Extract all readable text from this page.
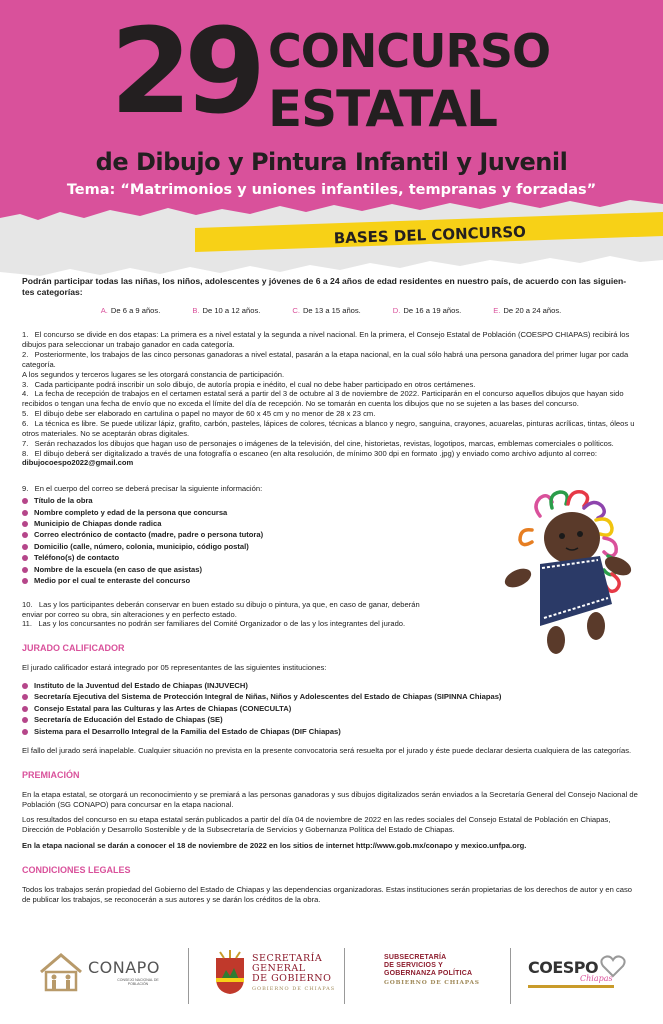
29 CONCURSO
ESTATAL
de Dibujo y Pintura Infantil y Juvenil
Tema: “Matrimonios y uniones infantiles, tempranas y forzadas”
BASES DEL CONCURSO

Podrán participar todas las niñas, los niños, adolescentes y jóvenes de 6 a 24 años de edad residentes en nuestro país, de acuerdo con las siguien- tes categorías:

A. De 6 a 9 años.	B. De 10 a 12 años.	C. De 13 a 15 años.	D. De 16 a 19 años.	E. De 20 a 24 años.

1.   El concurso se divide en dos etapas: La primera es a nivel estatal y la segunda a nivel nacional. En la primera, el Consejo Estatal de Población (COESPO CHIAPAS) recibirá los dibujos para seleccionar un trabajo ganador en cada categoría.

2.   Posteriormente, los trabajos de las cinco personas ganadoras a nivel estatal, pasarán a la etapa nacional, en la cual sólo habrá una persona ganadora del primer lugar por cada categoría.

A los segundos y terceros lugares se les otorgará constancia de participación.

3.   Cada participante podrá inscribir un solo dibujo, de autoría propia e inédito, el cual no debe haber participado en otros certámenes.

4.   La fecha de recepción de trabajos en el certamen estatal será a partir del 3 de octubre al 3 de noviembre de 2022. Participarán en el concurso aquellos dibujos que hayan sido recibidos o tengan una fecha de envío que no exceda el límite del día de recepción. No se tomarán en cuenta los dibujos que no se sujeten a las bases del concurso.

5.   El dibujo debe ser elaborado en cartulina o papel no mayor de 60 x 45 cm y no menor de 28 x 23 cm.

6.   La técnica es libre. Se puede utilizar lápiz, grafito, carbón, pasteles, lápices de colores, técnicas a blanco y negro, sanguina, crayones, acuarelas, pinturas acrílicas, tintas, óleos u otros materiales. No se aceptarán obras digitales.

7.   Serán rechazados los dibujos que hagan uso de personajes o imágenes de la televisión, del cine, historietas, revistas, logotipos, marcas, emblemas comerciales o políticos.

8.   El dibujo deberá ser digitalizado a través de una fotografía o escaneo (en alta resolución, de mínimo 300 dpi en formato .jpg) y enviado como archivo adjunto al correo:

dibujocoespo2022@gmail.com

9.   En el cuerpo del correo se deberá precisar la siguiente información:

Título de la obra
Nombre completo y edad de la persona que concursa
Municipio de Chiapas donde radica
Correo electrónico de contacto (madre, padre o persona tutora)
Domicilio (calle, número, colonia, municipio, código postal)
Teléfono(s) de contacto
Nombre de la escuela (en caso de que asistas)
Medio por el cual te enteraste del concurso

10.   Las y los participantes deberán conservar en buen estado su dibujo o pintura, ya que, en caso de ganar, deberán enviar por correo su obra, sin alteraciones y en perfecto estado.

11.   Las y los concursantes no podrán ser familiares del Comité Organizador o de las y los integrantes del jurado.

JURADO CALIFICADOR

El jurado calificador estará integrado por 05 representantes de las siguientes instituciones:

Instituto de la Juventud del Estado de Chiapas (INJUVECH)
Secretaría Ejecutiva del Sistema de Protección Integral de Niñas, Niños y Adolescentes del Estado de Chiapas (SIPINNA Chiapas)
Consejo Estatal para las Culturas y las Artes de Chiapas (CONECULTA)
Secretaría de Educación del Estado de Chiapas (SE)
Sistema para el Desarrollo Integral de la Familia del Estado de Chiapas (DIF Chiapas)

El fallo del jurado será inapelable. Cualquier situación no prevista en la presente convocatoria será resuelta por el jurado y éste puede declarar desierta cualquiera de las categorías.

PREMIACIÓN

En la etapa estatal, se otorgará un reconocimiento y se premiará a las personas ganadoras y sus dibujos digitalizados serán enviados a la Secretaría General del Consejo Nacional de Población (SG CONAPO) para concursar en la etapa nacional.

Los resultados del concurso en su etapa estatal serán publicados a partir del día 04 de noviembre de 2022 en las redes sociales del Consejo Estatal de Población en Chiapas, Dirección de Población y Desarrollo Sostenible y de la Subsecretaría de Servicios y Gobernanza Política del Estado de Chiapas.

En la etapa nacional se darán a conocer el 18 de noviembre de 2022 en los sitios de internet http://www.gob.mx/conapo y mexico.unfpa.org.

CONDICIONES LEGALES

Todos los trabajos serán propiedad del Gobierno del Estado de Chiapas y las dependencias organizadoras. Estas instituciones serán propietarias de los derechos de autor y en caso de publicar los trabajos, se reconocerán a sus autores y se darán los créditos de la obra.

CONAPO
CONSEJO NACIONAL DE POBLACIÓN
SECRETARÍA
GENERAL
DE GOBIERNO
GOBIERNO DE CHIAPAS
SUBSECRETARÍA
DE SERVICIOS Y
GOBERNANZA POLÍTICA
GOBIERNO DE CHIAPAS
COESPO
Chiapas
